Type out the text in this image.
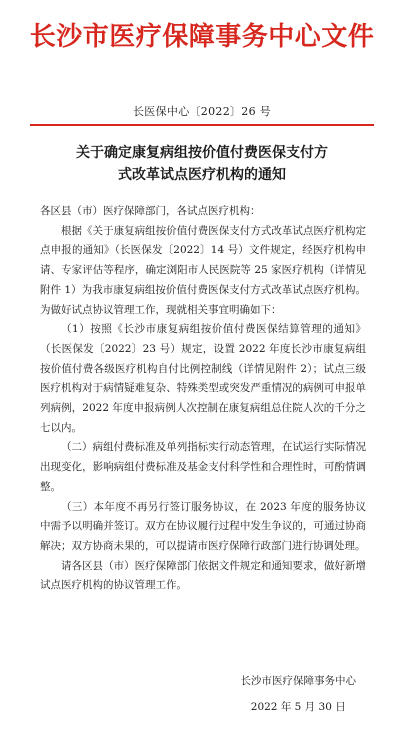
长沙市医疗保障事务中心文件
长医保中心〔2022〕26 号
关于确定康复病组按价值付费医保支付方
式改革试点医疗机构的通知

各区县（市）医疗保障部门，各试点医疗机构：

根据《关于康复病组按价值付费医保支付方式改革试点医疗机构定点申报的通知》（长医保发〔2022〕14 号）文件规定，经医疗机构申请、专家评估等程序，确定浏阳市人民医院等 25 家医疗机构（详情见附件 1）为我市康复病组按价值付费医保支付方式改革试点医疗机构。为做好试点协议管理工作，现就相关事宜明确如下：

（1）按照《长沙市康复病组按价值付费医保结算管理的通知》（长医保发〔2022〕23 号）规定，设置 2022 年度长沙市康复病组按价值付费各级医疗机构自付比例控制线（详情见附件 2）；试点三级医疗机构对于病情疑难复杂、特殊类型或突发严重情况的病例可申报单列病例，2022 年度申报病例人次控制在康复病组总住院人次的千分之七以内。

（二）病组付费标准及单列指标实行动态管理，在试运行实际情况出现变化，影响病组付费标准及基金支付科学性和合理性时，可酌情调整。

（三）本年度不再另行签订服务协议，在 2023 年度的服务协议中需予以明确并签订。双方在协议履行过程中发生争议的，可通过协商解决；双方协商未果的，可以提请市医疗保障行政部门进行协调处理。

请各区县（市）医疗保障部门依据文件规定和通知要求，做好新增试点医疗机构的协议管理工作。

长沙市医疗保障事务中心
2022 年 5 月 30 日
